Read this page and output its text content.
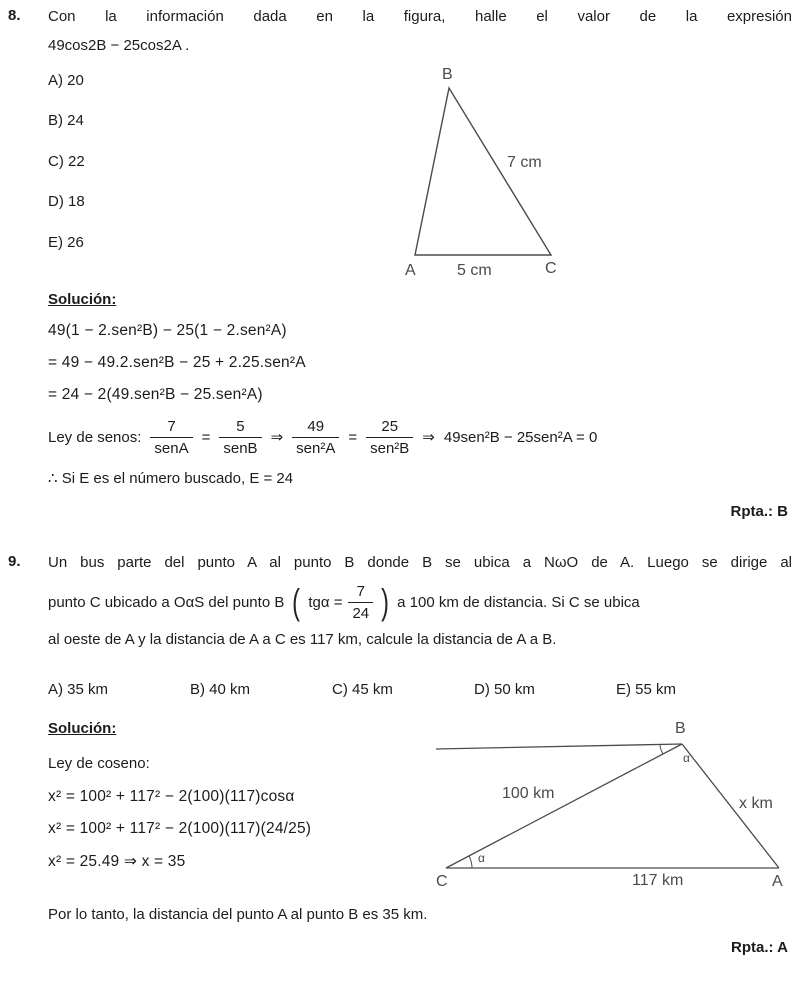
8.	Con la información dada en la figura, halle el valor de la expresión

49cos2B − 25cos2A .

A) 20
B) 24
C) 22
D) 18
E) 26
B
A	C
7 cm
5 cm
Solución:
49(1 − 2.sen²B) − 25(1 − 2.sen²A)
= 49 − 49.2.sen²B − 25 + 2.25.sen²A
= 24 − 2(49.sen²B − 25.sen²A)
Ley de senos: $\frac{7}{\text{senA}} = \frac{5}{\text{senB}}$ ⇒ $\frac{49}{\text{sen²A}} = \frac{25}{\text{sen²B}}$ ⇒ 49sen²B − 25sen²A = 0
∴ Si E es el número buscado, E = 24
Rpta.: B
9.	Un bus parte del punto A al punto B donde B se ubica a NωO de A. Luego se dirige al

punto C ubicado a OαS del punto B ( $tg\alpha = \frac{7}{24}$ ) a 100 km de distancia. Si C se ubica

al oeste de A y la distancia de A a C es 117 km, calcule la distancia de A a B.

A) 35 km	B) 40 km	C) 45 km	D) 50 km	E) 55 km
Solución:
Ley de coseno:
x² = 100² + 117² − 2(100)(117)cosα
x² = 100² + 117² − 2(100)(117)(24/25)
x² = 25.49 ⇒ x = 35
B
C	A
100 km
x km
117 km
α
α
Por lo tanto, la distancia del punto A al punto B es 35 km.
Rpta.: A
